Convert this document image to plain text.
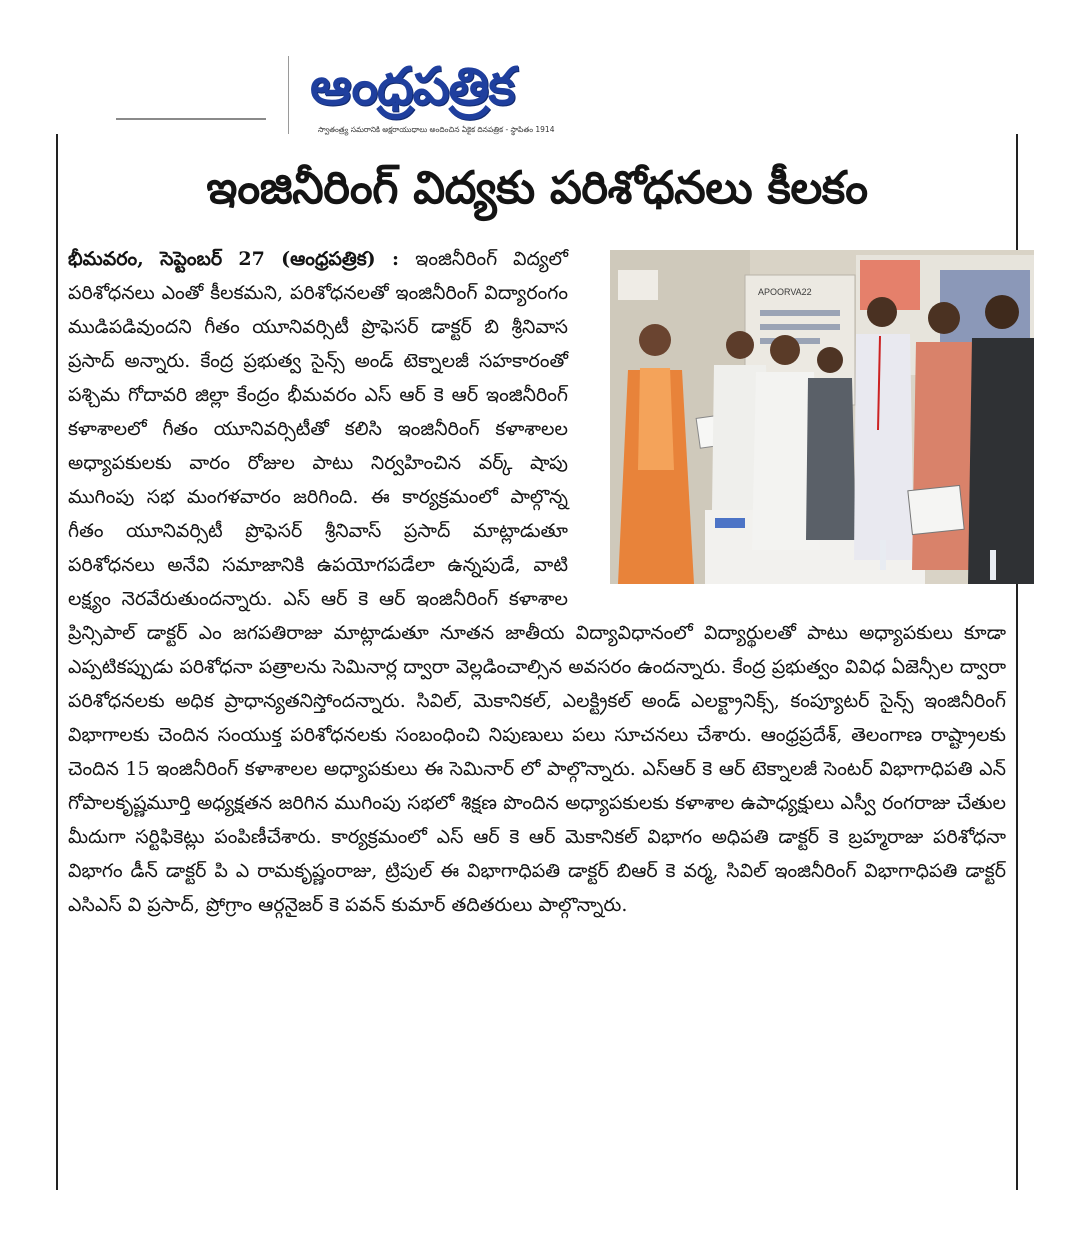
ఆంధ్రపత్రిక
స్వాతంత్ర్య సమరానికి అక్షరాయుధాలు అందించిన ఏకైక దినపత్రిక - స్థాపితం 1914
ఇంజినీరింగ్ విద్యకు పరిశోధనలు కీలకం
భీమవరం, సెప్టెంబర్ 27 (ఆంధ్రపత్రిక) : ఇంజినీరింగ్ విద్యలో పరిశోధనలు ఎంతో కీలకమని, పరిశోధనలతో ఇంజినీరింగ్ విద్యారంగం ముడిపడివుందని గీతం యూనివర్సిటీ ప్రొఫెసర్ డాక్టర్ బి శ్రీనివాస ప్రసాద్ అన్నారు. కేంద్ర ప్రభుత్వ సైన్స్ అండ్ టెక్నాలజీ సహకారంతో పశ్చిమ గోదావరి జిల్లా కేంద్రం భీమవరం ఎస్ ఆర్ కె ఆర్ ఇంజినీరింగ్ కళాశాలలో గీతం యూనివర్సిటీతో కలిసి ఇంజినీరింగ్ కళాశాలల అధ్యాపకులకు వారం రోజుల పాటు నిర్వహించిన వర్క్ షాపు ముగింపు సభ మంగళవారం జరిగింది. ఈ కార్యక్రమంలో పాల్గొన్న గీతం యూనివర్సిటీ ప్రొఫెసర్ శ్రీనివాస్ ప్రసాద్ మాట్లాడుతూ పరిశోధనలు అనేవి సమాజానికి ఉపయోగపడేలా ఉన్నపుడే, వాటి లక్ష్యం నెరవేరుతుందన్నారు. ఎస్ ఆర్ కె ఆర్ ఇంజినీరింగ్ కళాశాల ప్రిన్సిపాల్ డాక్టర్ ఎం జగపతిరాజు మాట్లాడుతూ నూతన జాతీయ విద్యావిధానంలో విద్యార్థులతో పాటు అధ్యాపకులు కూడా ఎప్పటికప్పుడు పరిశోధనా పత్రాలను సెమినార్ల ద్వారా వెల్లడించాల్సిన అవసరం ఉందన్నారు. కేంద్ర ప్రభుత్వం వివిధ ఏజెన్సీల ద్వారా పరిశోధనలకు అధిక ప్రాధాన్యతనిస్తోందన్నారు. సివిల్, మెకానికల్, ఎలక్ట్రికల్ అండ్ ఎలక్ట్రానిక్స్, కంప్యూటర్ సైన్స్ ఇంజినీరింగ్ విభాగాలకు చెందిన సంయుక్త పరిశోధనలకు సంబంధించి నిపుణులు పలు సూచనలు చేశారు. ఆంధ్రప్రదేశ్, తెలంగాణ రాష్ట్రాలకు చెందిన 15 ఇంజినీరింగ్ కళాశాలల అధ్యాపకులు ఈ సెమినార్ లో పాల్గొన్నారు. ఎస్ఆర్ కె ఆర్ టెక్నాలజీ సెంటర్ విభాగాధిపతి ఎన్ గోపాలకృష్ణమూర్తి అధ్యక్షతన జరిగిన ముగింపు సభలో శిక్షణ పొందిన అధ్యాపకులకు కళాశాల ఉపాధ్యక్షులు ఎస్వీ రంగరాజు చేతుల మీదుగా సర్టిఫికెట్లు పంపిణీచేశారు. కార్యక్రమంలో ఎస్ ఆర్ కె ఆర్ మెకానికల్ విభాగం అధిపతి డాక్టర్ కె బ్రహ్మరాజు పరిశోధనా విభాగం డీన్ డాక్టర్ పి ఎ రామకృష్ణంరాజు, ట్రిపుల్ ఈ విభాగాధిపతి డాక్టర్ బిఆర్ కె వర్మ, సివిల్ ఇంజినీరింగ్ విభాగాధిపతి డాక్టర్ ఎసిఎస్ వి ప్రసాద్, ప్రోగ్రాం ఆర్గనైజర్ కె పవన్ కుమార్ తదితరులు పాల్గొన్నారు.
APOORVA22
